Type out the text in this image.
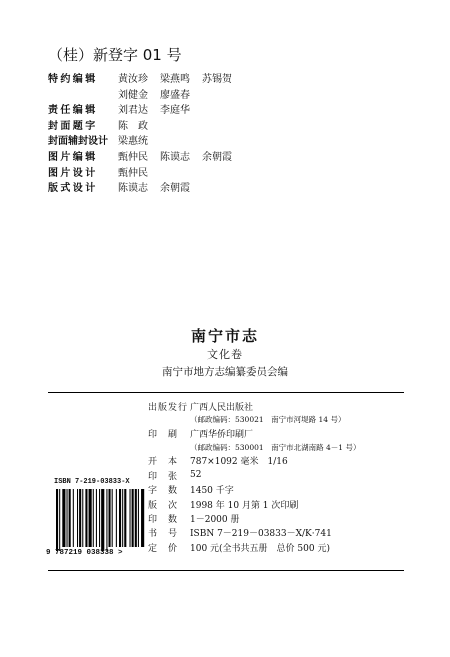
（桂）新登字 01 号
特约编辑	黄汝珍 梁燕鸣 苏锡贺
刘健金 廖盛春
责任编辑	刘君达 李庭华
封面题字	陈　政
封面辅封设计	梁惠统
图片编辑	甄仲民 陈谟志 余朝霞
图片设计	甄仲民
版式设计	陈谟志 余朝霞
南宁市志
文化卷
南宁市地方志编纂委员会编
出版发行 广西人民出版社
（邮政编码：530021　南宁市河堤路 14 号）
印　刷	广西华侨印刷厂
（邮政编码：530001　南宁市北湖南路 4－1 号）
开　本	787×1092 毫米　1/16
印　张	52
字　数	1450 千字
版　次	1998 年 10 月第 1 次印刷
印　数	1－2000 册
书　号	ISBN 7－219－03833－X/K·741
定　价	100 元(全书共五册　总价 500 元)
ISBN 7-219-03833-X
9 787219 038338 >
